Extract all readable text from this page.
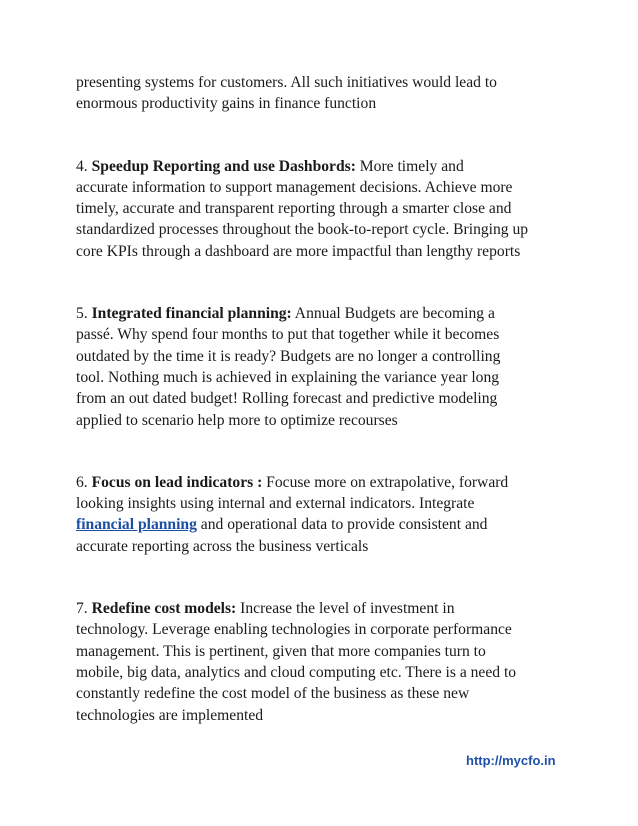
presenting systems for customers. All such initiatives would lead to
enormous productivity gains in finance function

4. Speedup Reporting and use Dashbords: More timely and
accurate information to support management decisions. Achieve more
timely, accurate and transparent reporting through a smarter close and
standardized processes throughout the book-to-report cycle. Bringing up
core KPIs through a dashboard are more impactful than lengthy reports

5. Integrated financial planning: Annual Budgets are becoming a
passé. Why spend four months to put that together while it becomes
outdated by the time it is ready? Budgets are no longer a controlling
tool. Nothing much is achieved in explaining the variance year long
from an out dated budget! Rolling forecast and predictive modeling
applied to scenario help more to optimize recourses

6. Focus on lead indicators : Focuse more on extrapolative, forward
looking insights using internal and external indicators. Integrate
financial planning and operational data to provide consistent and
accurate reporting across the business verticals

7. Redefine cost models: Increase the level of investment in
technology. Leverage enabling technologies in corporate performance
management. This is pertinent, given that more companies turn to
mobile, big data, analytics and cloud computing etc. There is a need to
constantly redefine the cost model of the business as these new
technologies are implemented

http://mycfo.in
